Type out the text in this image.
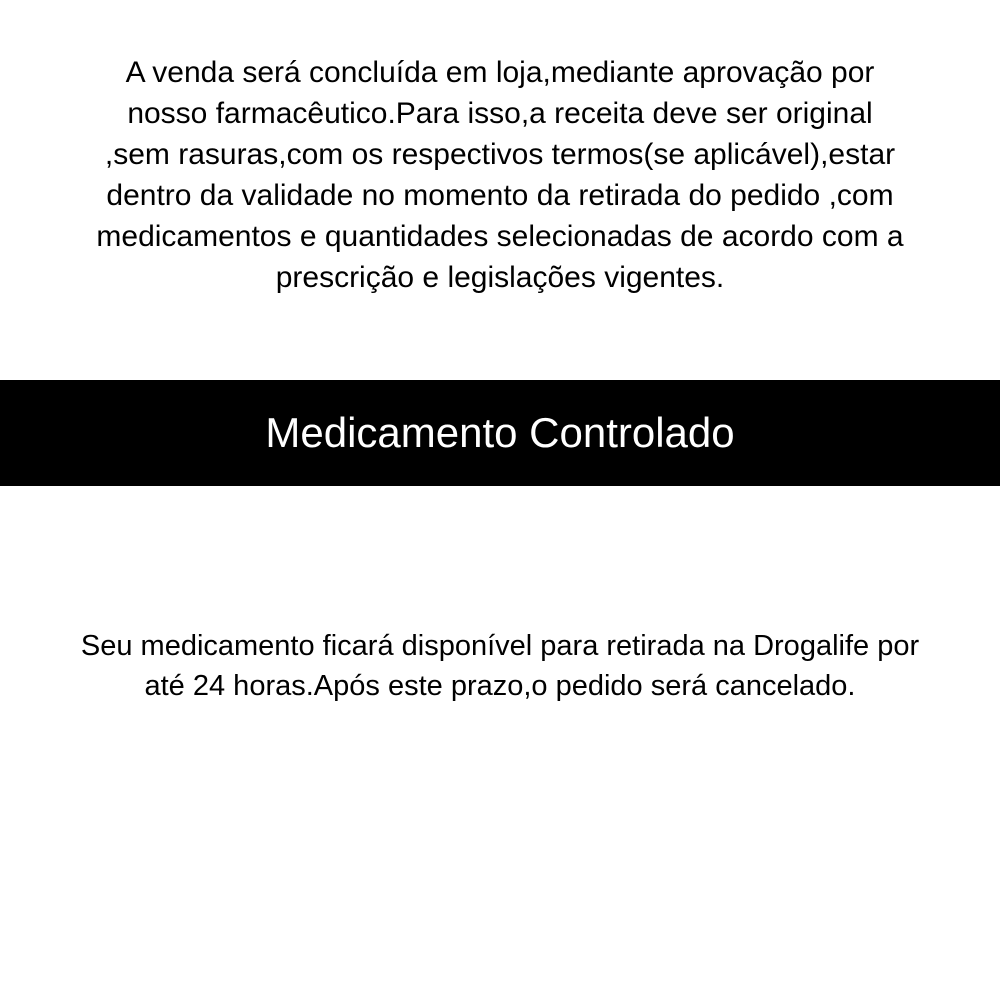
A venda será concluída em loja,mediante aprovação por nosso farmacêutico.Para isso,a receita deve ser original ,sem rasuras,com os respectivos termos(se aplicável),estar dentro da validade no momento da retirada do pedido ,com medicamentos e quantidades selecionadas de acordo com a prescrição e legislações vigentes.

Medicamento Controlado

Seu medicamento ficará disponível para retirada na Drogalife por até 24 horas.Após este prazo,o pedido será cancelado.
